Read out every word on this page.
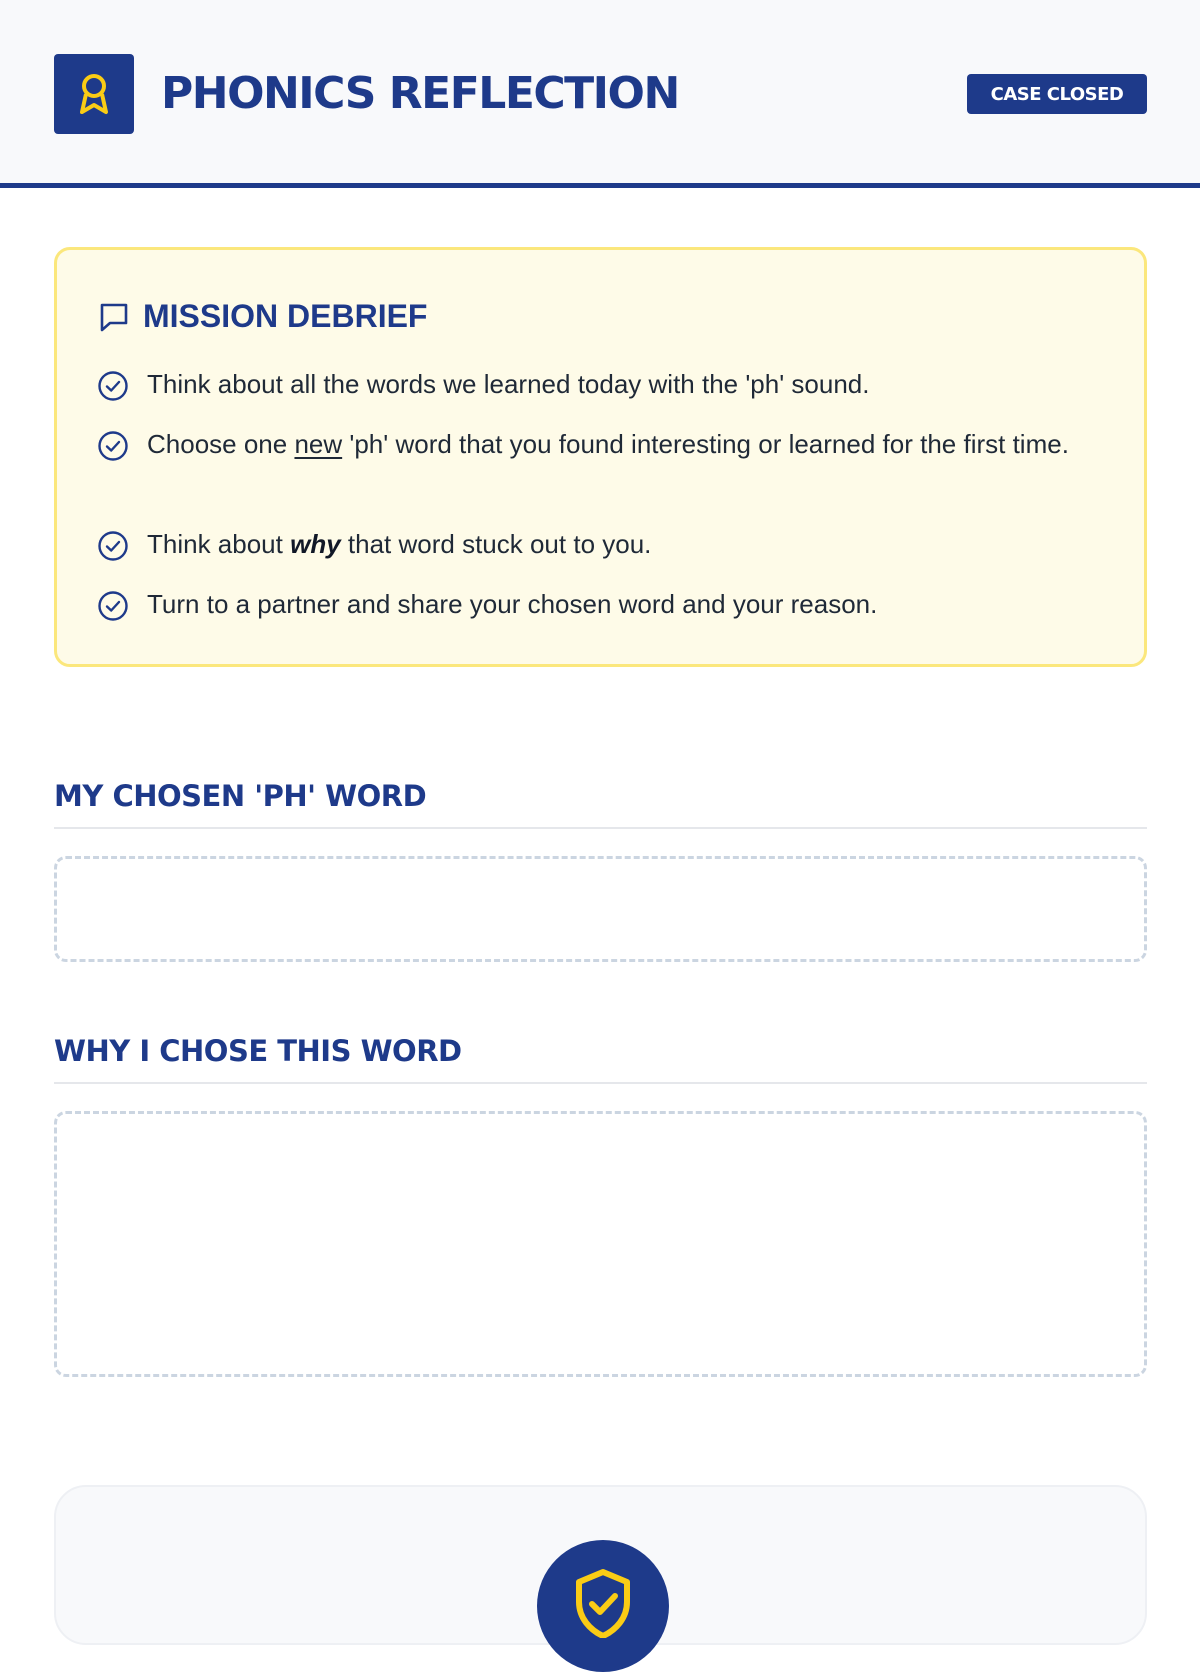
PHONICS REFLECTION	CASE CLOSED
MISSION DEBRIEF
Think about all the words we learned today with the 'ph' sound.
Choose one new 'ph' word that you found interesting or learned for the first time.
Think about why that word stuck out to you.
Turn to a partner and share your chosen word and your reason.
MY CHOSEN 'PH' WORD
WHY I CHOSE THIS WORD
